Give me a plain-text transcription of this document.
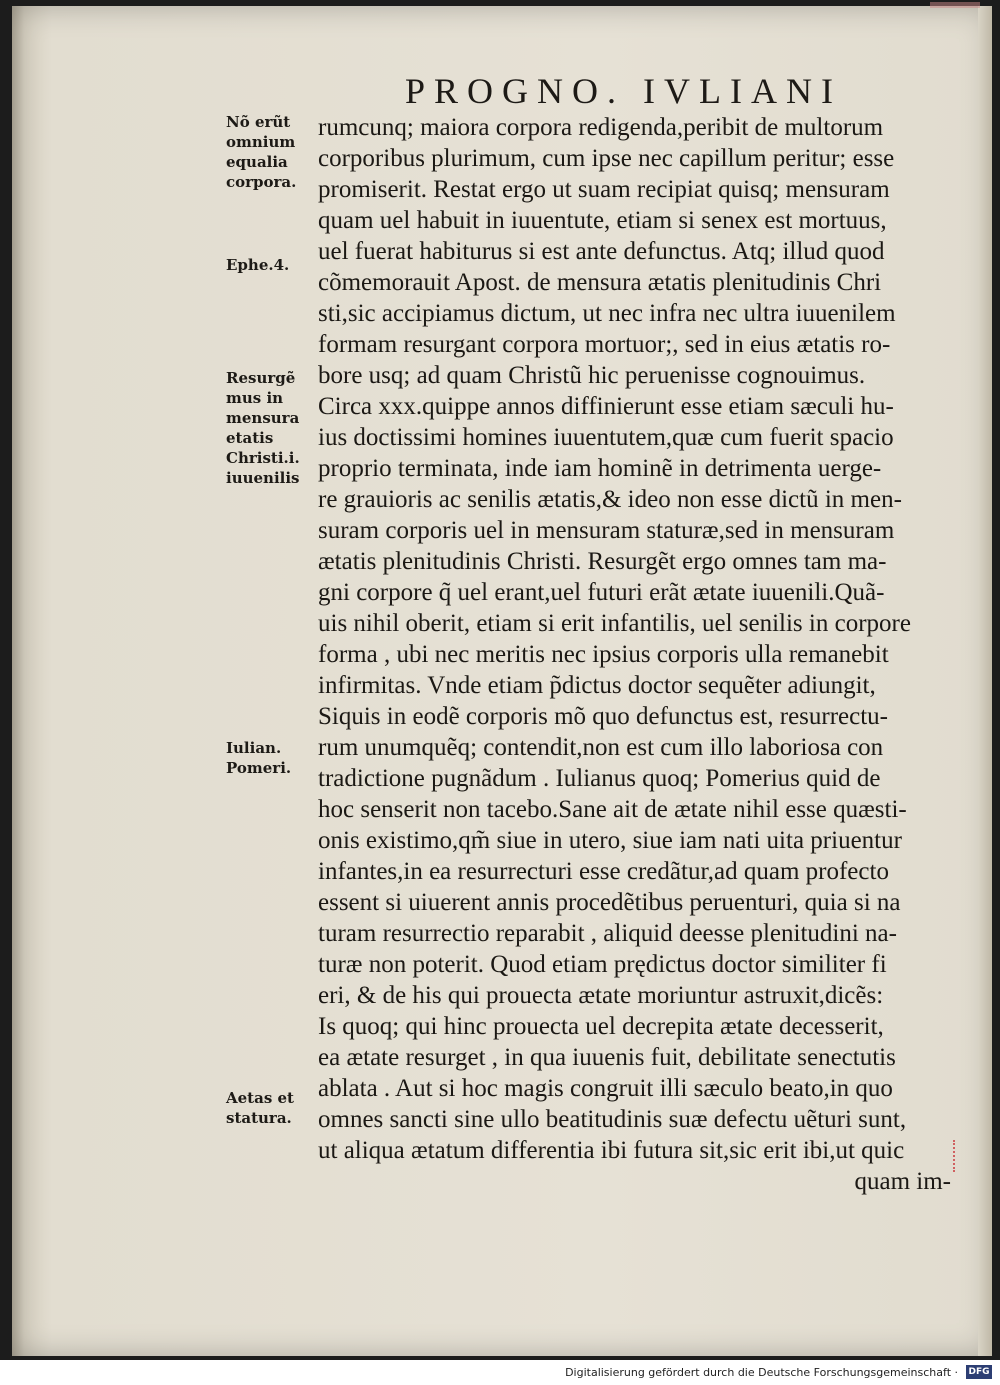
PROGNO. IVLIANI
Nõ erũt
omnium
equalia
corpora.
Ephe.4.
Resurgẽ
mus in
mensura
etatis
Christi.i.
iuuenilis
Iulian.
Pomeri.
Aetas et
statura.
rumcunq; maiora corpora redigenda,peribit de multorum
corporibus plurimum, cum ipse nec capillum peritur; esse
promiserit. Restat ergo ut suam recipiat quisq; mensuram
quam uel habuit in iuuentute, etiam si senex est mortuus,
uel fuerat habiturus si est ante defunctus. Atq; illud quod
cõmemorauit Apost. de mensura ætatis plenitudinis Chri
sti,sic accipiamus dictum, ut nec infra nec ultra iuuenilem
formam resurgant corpora mortuor;, sed in eius ætatis ro-
bore usq; ad quam Christũ hic peruenisse cognouimus.
Circa xxx.quippe annos diffinierunt esse etiam sæculi hu-
ius doctissimi homines iuuentutem,quæ cum fuerit spacio
proprio terminata, inde iam hominẽ in detrimenta uerge-
re grauioris ac senilis ætatis,& ideo non esse dictũ in men-
suram corporis uel in mensuram staturæ,sed in mensuram
ætatis plenitudinis Christi. Resurgẽt ergo omnes tam ma-
gni corpore q̃ uel erant,uel futuri erãt ætate iuuenili.Quã-
uis nihil oberit, etiam si erit infantilis, uel senilis in corpore
forma , ubi nec meritis nec ipsius corporis ulla remanebit
infirmitas. Vnde etiam p̃dictus doctor sequẽter adiungit,
Siquis in eodẽ corporis mõ quo defunctus est, resurrectu-
rum unumquẽq; contendit,non est cum illo laboriosa con
tradictione pugnãdum . Iulianus quoq; Pomerius quid de
hoc senserit non tacebo.Sane ait de ætate nihil esse quæsti-
onis existimo,qm̃ siue in utero, siue iam nati uita priuentur
infantes,in ea resurrecturi esse credãtur,ad quam profecto
essent si uiuerent annis procedẽtibus peruenturi, quia si na
turam resurrectio reparabit , aliquid deesse plenitudini na-
turæ non poterit. Quod etiam prędictus doctor similiter fi
eri, & de his qui prouecta ætate moriuntur astruxit,dicẽs:
Is quoq; qui hinc prouecta uel decrepita ætate decesserit,
ea ætate resurget , in qua iuuenis fuit, debilitate senectutis
ablata . Aut si hoc magis congruit illi sæculo beato,in quo
omnes sancti sine ullo beatitudinis suæ defectu uẽturi sunt,
ut aliqua ætatum differentia ibi futura sit,sic erit ibi,ut quic
quam im-
Digitalisierung gefördert durch die Deutsche Forschungsgemeinschaft · DFG
